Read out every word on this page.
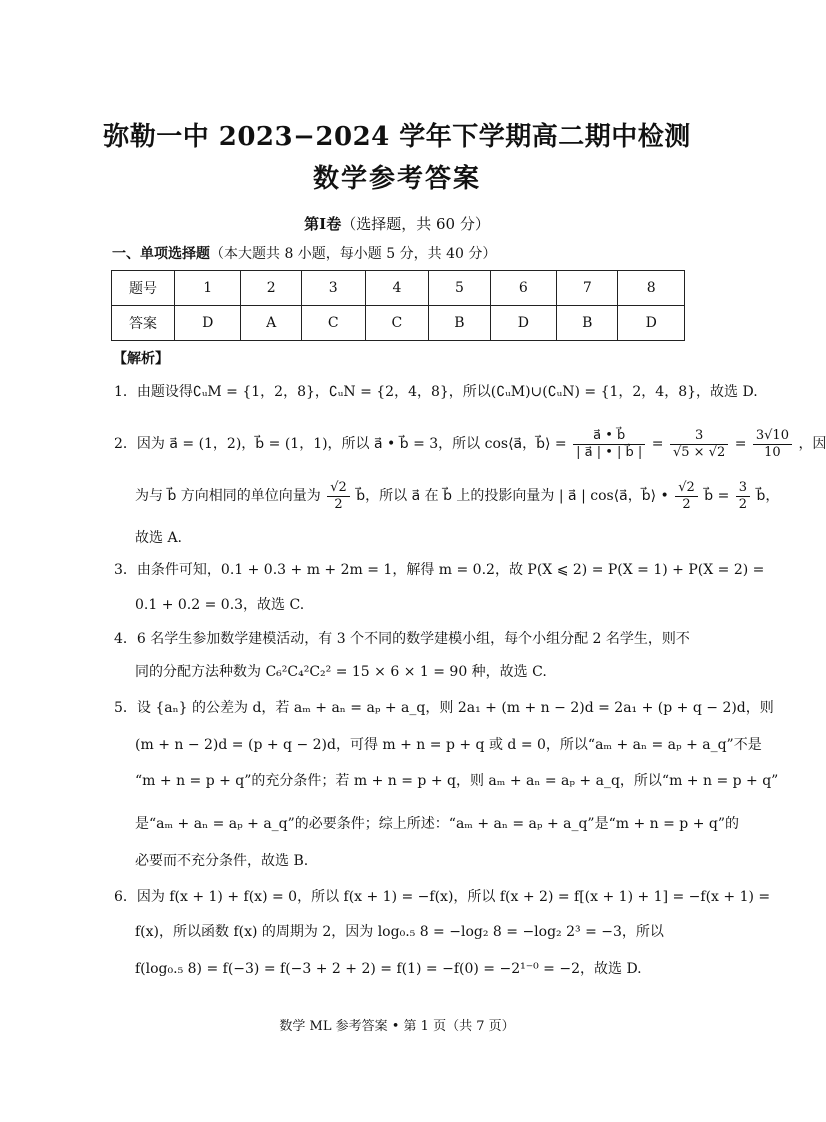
弥勒一中 2023−2024 学年下学期高二期中检测
数学参考答案
第Ⅰ卷（选择题，共 60 分）
一、单项选择题（本大题共 8 小题，每小题 5 分，共 40 分）
题号	1	2	3	4	5	6	7	8
答案	D	A	C	C	B	D	B	D
【解析】
1．由题设得∁ᵤM = {1，2，8}，∁ᵤN = {2，4，8}，所以(∁ᵤM)∪(∁ᵤN) = {1，2，4，8}，故选 D.
2．因为 a⃗ = (1，2)，b⃗ = (1，1)，所以 a⃗ • b⃗ = 3，所以 cos⟨a⃗，b⃗⟩ = $\frac{a⃗ • b⃗}{| a⃗ | • | b⃗ |} = \frac{3}{√5 \times √2} = \frac{3√10}{10}$ ，因
为与 b⃗ 方向相同的单位向量为 $\frac{√2}{2}$ b⃗，所以 a⃗ 在 b⃗ 上的投影向量为 | a⃗ | cos⟨a⃗，b⃗⟩ • $\frac{√2}{2}$ b⃗ = $\frac{3}{2}$ b⃗，
故选 A.
3．由条件可知，0.1 + 0.3 + m + 2m = 1，解得 m = 0.2，故 P(X ⩽ 2) = P(X = 1) + P(X = 2) =
0.1 + 0.2 = 0.3，故选 C.
4．6 名学生参加数学建模活动，有 3 个不同的数学建模小组，每个小组分配 2 名学生，则不
同的分配方法种数为 C₆²C₄²C₂² = 15 × 6 × 1 = 90 种，故选 C.
5．设 {aₙ} 的公差为 d，若 aₘ + aₙ = aₚ + a_q，则 2a₁ + (m + n − 2)d = 2a₁ + (p + q − 2)d，则
(m + n − 2)d = (p + q − 2)d，可得 m + n = p + q 或 d = 0，所以“aₘ + aₙ = aₚ + a_q”不是
“m + n = p + q”的充分条件；若 m + n = p + q，则 aₘ + aₙ = aₚ + a_q，所以“m + n = p + q”
是“aₘ + aₙ = aₚ + a_q”的必要条件；综上所述：“aₘ + aₙ = aₚ + a_q”是“m + n = p + q”的
必要而不充分条件，故选 B.
6．因为 f(x + 1) + f(x) = 0，所以 f(x + 1) = −f(x)，所以 f(x + 2) = f[(x + 1) + 1] = −f(x + 1) =
f(x)，所以函数 f(x) 的周期为 2，因为 log₀.₅ 8 = −log₂ 8 = −log₂ 2³ = −3，所以
f(log₀.₅ 8) = f(−3) = f(−3 + 2 + 2) = f(1) = −f(0) = −2¹⁻⁰ = −2，故选 D.
数学 ML 参考答案 • 第 1 页（共 7 页）
